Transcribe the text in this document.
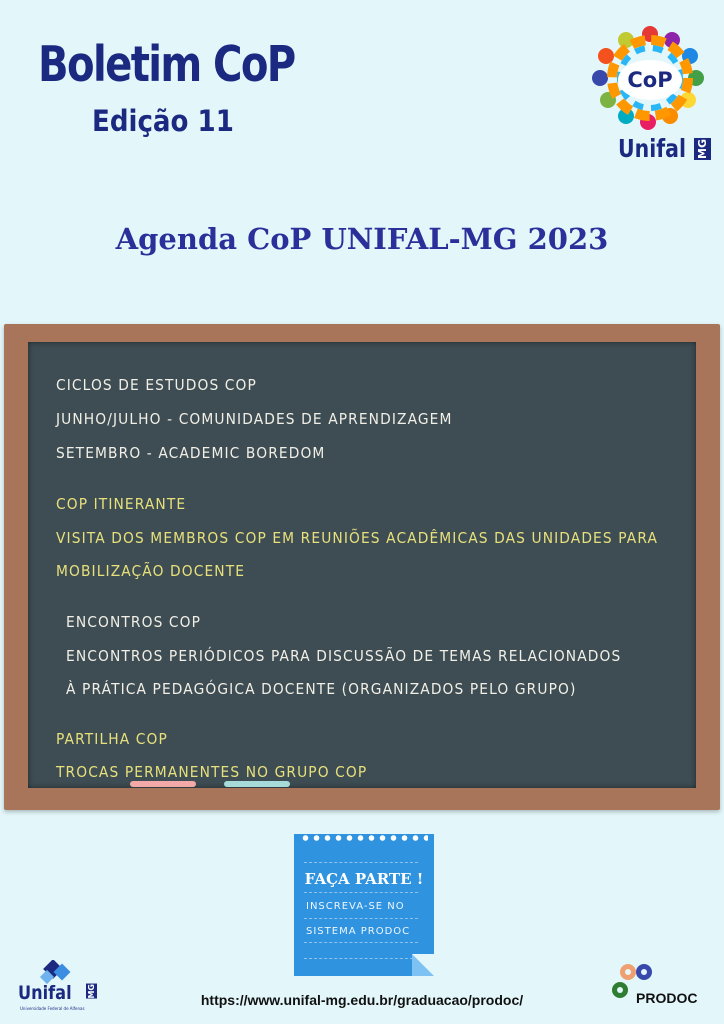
Boletim CoP
Edição 11
CoP
Unifal MG
Agenda CoP UNIFAL-MG 2023
CICLOS DE ESTUDOS COP
JUNHO/JULHO - COMUNIDADES DE APRENDIZAGEM
SETEMBRO - ACADEMIC BOREDOM
COP ITINERANTE
VISITA DOS MEMBROS COP EM REUNIÕES ACADÊMICAS DAS UNIDADES PARA
MOBILIZAÇÃO DOCENTE
ENCONTROS COP
ENCONTROS PERIÓDICOS PARA DISCUSSÃO DE TEMAS RELACIONADOS
À PRÁTICA PEDAGÓGICA DOCENTE (ORGANIZADOS PELO GRUPO)
PARTILHA COP
TROCAS PERMANENTES NO GRUPO COP
FAÇA PARTE !
INSCREVA-SE NO
SISTEMA PRODOC
Unifal MG
Universidade Federal de Alfenas
https://www.unifal-mg.edu.br/graduacao/prodoc/	PRODOC
